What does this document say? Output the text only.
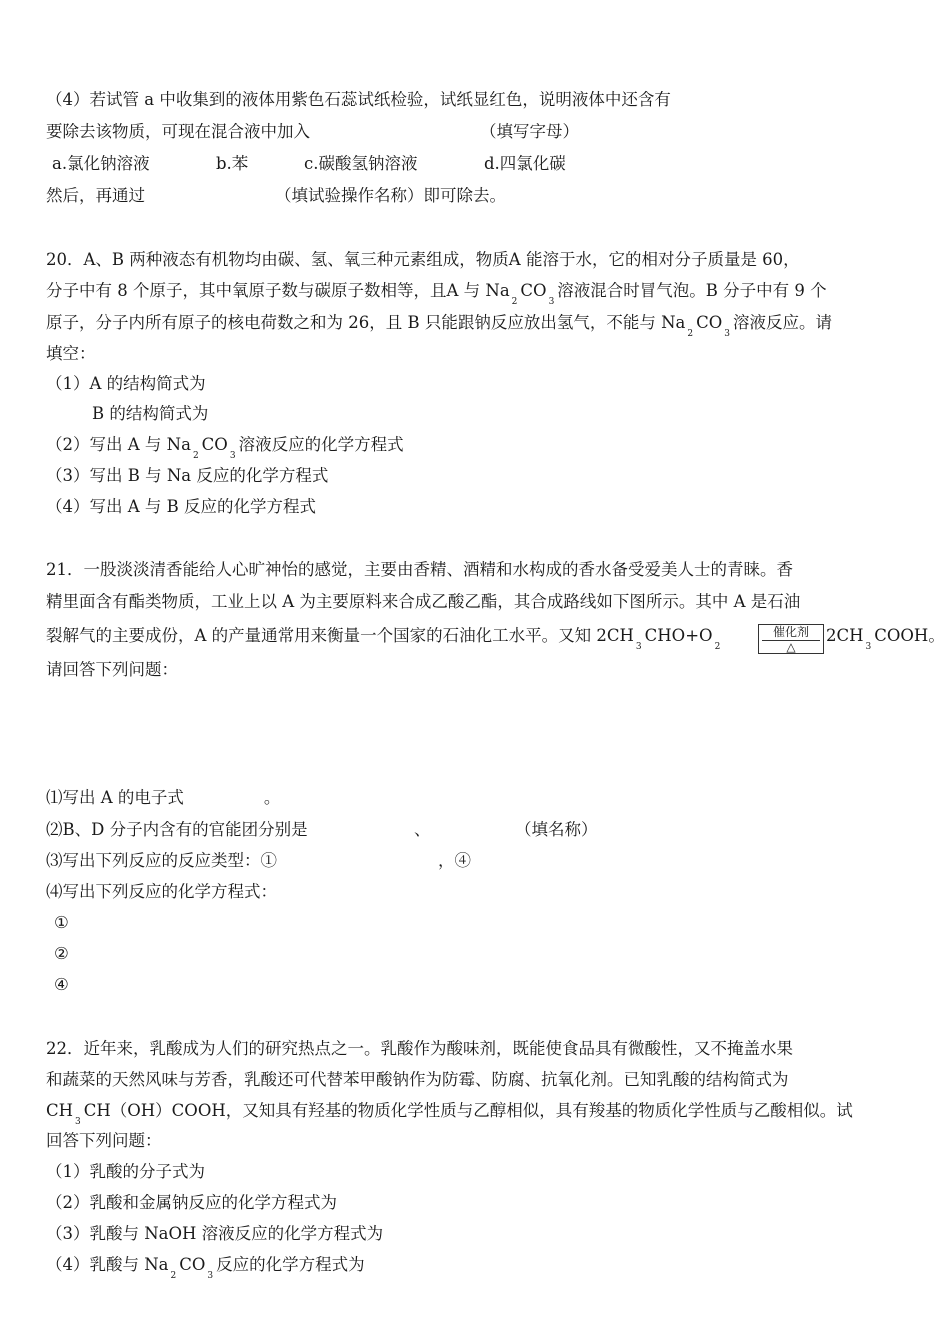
（4）若试管 a 中收集到的液体用紫色石蕊试纸检验，试纸显红色，说明液体中还含有
要除去该物质，可现在混合液中加入	（填写字母）
a.氯化钠溶液	b.苯	c.碳酸氢钠溶液	d.四氯化碳
然后，再通过	（填试验操作名称）即可除去。
20．A、B 两种液态有机物均由碳、氢、氧三种元素组成，物质A 能溶于水，它的相对分子质量是 60，
分子中有 8 个原子，其中氧原子数与碳原子数相等，且A 与 $Na_2CO_3$溶液混合时冒气泡。B 分子中有 9 个
原子，分子内所有原子的核电荷数之和为 26，且 B 只能跟钠反应放出氢气，不能与 $Na_2CO_3$溶液反应。请
填空：
（1）A 的结构简式为
B 的结构简式为
（2）写出 A 与 $Na_2CO_3$溶液反应的化学方程式
（3）写出 B 与 Na 反应的化学方程式
（4）写出 A 与 B 反应的化学方程式
21．一股淡淡清香能给人心旷神怡的感觉，主要由香精、酒精和水构成的香水备受爱美人士的青睐。香
精里面含有酯类物质，工业上以 A 为主要原料来合成乙酸乙酯，其合成路线如下图所示。其中 A 是石油
裂解气的主要成份，A 的产量通常用来衡量一个国家的石油化工水平。又知 $2CH_3CHO+O_2$
催化剂
△
$2CH_3COOH$。
请回答下列问题：
⑴写出 A 的电子式	。
⑵B、D 分子内含有的官能团分别是	、	（填名称）
⑶写出下列反应的反应类型：①	，④
⑷写出下列反应的化学方程式：
①
②
④
22．近年来，乳酸成为人们的研究热点之一。乳酸作为酸味剂，既能使食品具有微酸性，又不掩盖水果
和蔬菜的天然风味与芳香，乳酸还可代替苯甲酸钠作为防霉、防腐、抗氧化剂。已知乳酸的结构简式为
$CH_3CH(OH)COOH$，又知具有羟基的物质化学性质与乙醇相似，具有羧基的物质化学性质与乙酸相似。试
回答下列问题：
（1）乳酸的分子式为
（2）乳酸和金属钠反应的化学方程式为
（3）乳酸与 NaOH 溶液反应的化学方程式为
（4）乳酸与 $Na_2CO_3$反应的化学方程式为
